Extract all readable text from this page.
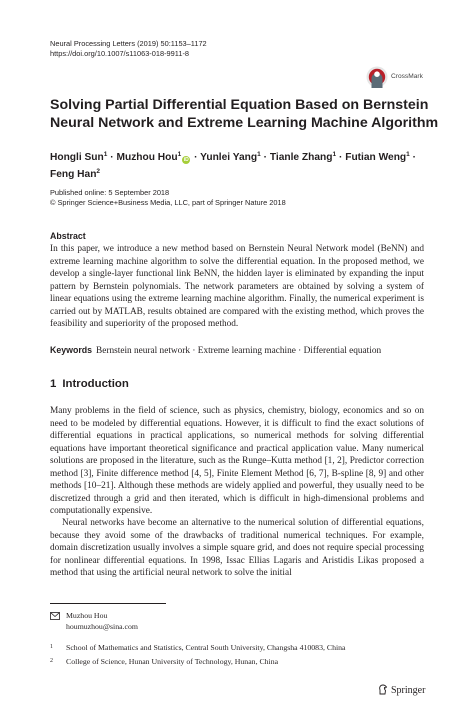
Neural Processing Letters (2019) 50:1153–1172
https://doi.org/10.1007/s11063-018-9911-8
CrossMark
Solving Partial Differential Equation Based on Bernstein Neural Network and Extreme Learning Machine Algorithm
Hongli Sun$^1$ · Muzhou Hou$^1$iD · Yunlei Yang$^1$ · Tianle Zhang$^1$ · Futian Weng$^1$ · Feng Han$^2$
Published online: 5 September 2018
© Springer Science+Business Media, LLC, part of Springer Nature 2018
Abstract
In this paper, we introduce a new method based on Bernstein Neural Network model (BeNN) and extreme learning machine algorithm to solve the differential equation. In the proposed method, we develop a single-layer functional link BeNN, the hidden layer is eliminated by expanding the input pattern by Bernstein polynomials. The network parameters are obtained by solving a system of linear equations using the extreme learning machine algorithm. Finally, the numerical experiment is carried out by MATLAB, results obtained are compared with the existing method, which proves the feasibility and superiority of the proposed method.
Keywords Bernstein neural network · Extreme learning machine · Differential equation
1 Introduction
Many problems in the field of science, such as physics, chemistry, biology, economics and so on need to be modeled by differential equations. However, it is difficult to find the exact solutions of differential equations in practical applications, so numerical methods for solving differential equations have important theoretical significance and practical application value. Many numerical solutions are proposed in the literature, such as the Runge–Kutta method [1, 2], Predictor correction method [3], Finite difference method [4, 5], Finite Element Method [6, 7], B-spline [8, 9] and other methods [10–21]. Although these methods are widely applied and powerful, they usually need to be discretized through a grid and then iterated, which is difficult in high-dimensional problems and computationally expensive.
Neural networks have become an alternative to the numerical solution of differential equations, because they avoid some of the drawbacks of traditional numerical techniques. For example, domain discretization usually involves a simple square grid, and does not require special processing for nonlinear differential equations. In 1998, Issac Ellias Lagaris and Aristidis Likas proposed a method that using the artificial neural network to solve the initial
Muzhou Hou
houmuzhou@sina.com
1 School of Mathematics and Statistics, Central South University, Changsha 410083, China
2 College of Science, Hunan University of Technology, Hunan, China
Springer
